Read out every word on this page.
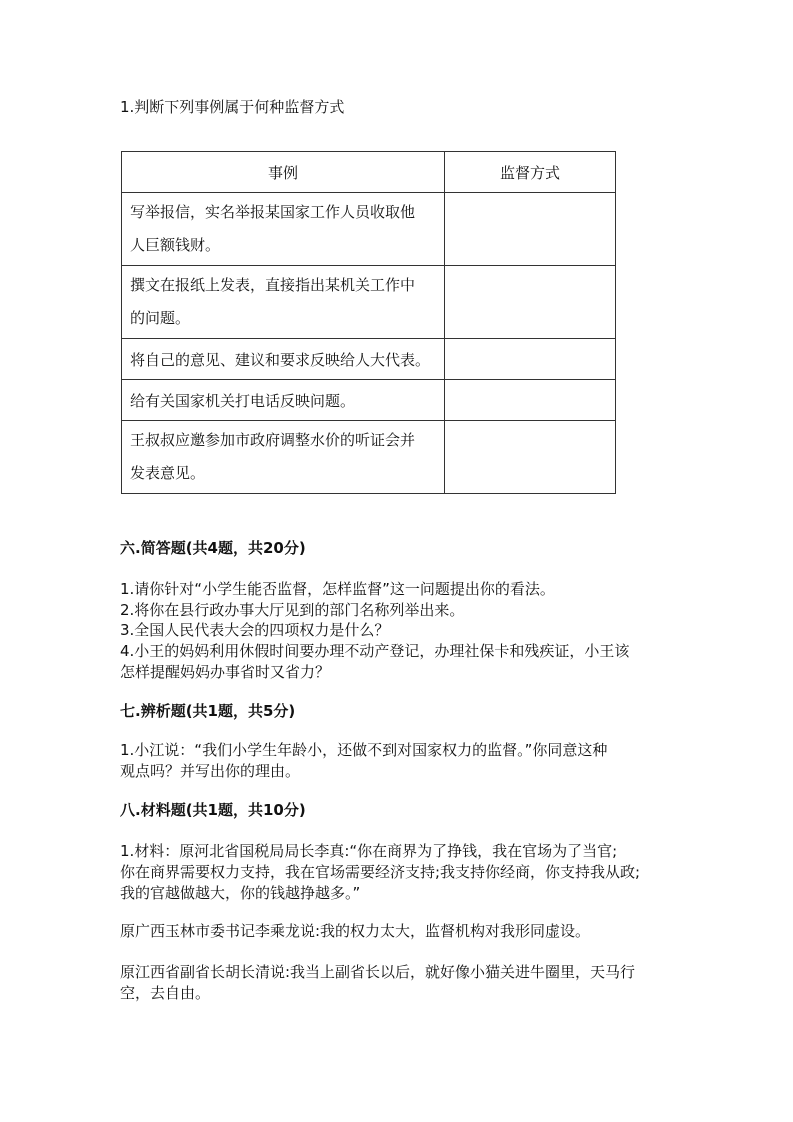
1.判断下列事例属于何种监督方式
事例	监督方式

写举报信，实名举报某国家工作人员收取他
人巨额钱财。	

撰文在报纸上发表，直接指出某机关工作中
的问题。	

将自己的意见、建议和要求反映给人大代表。	

给有关国家机关打电话反映问题。	

王叔叔应邀参加市政府调整水价的听证会并
发表意见。	

六.简答题(共4题，共20分)
1.请你针对“小学生能否监督，怎样监督”这一问题提出你的看法。
2.将你在县行政办事大厅见到的部门名称列举出来。
3.全国人民代表大会的四项权力是什么？
4.小王的妈妈利用休假时间要办理不动产登记，办理社保卡和残疾证，小王该
怎样提醒妈妈办事省时又省力？
七.辨析题(共1题，共5分)
1.小江说：“我们小学生年龄小，还做不到对国家权力的监督。”你同意这种
观点吗？并写出你的理由。
八.材料题(共1题，共10分)
1.材料：原河北省国税局局长李真:“你在商界为了挣钱，我在官场为了当官;
你在商界需要权力支持，我在官场需要经济支持;我支持你经商，你支持我从政;
我的官越做越大，你的钱越挣越多。”
原广西玉林市委书记李乘龙说:我的权力太大，监督机构对我形同虚设。
原江西省副省长胡长清说:我当上副省长以后，就好像小猫关进牛圈里，天马行
空，去自由。
